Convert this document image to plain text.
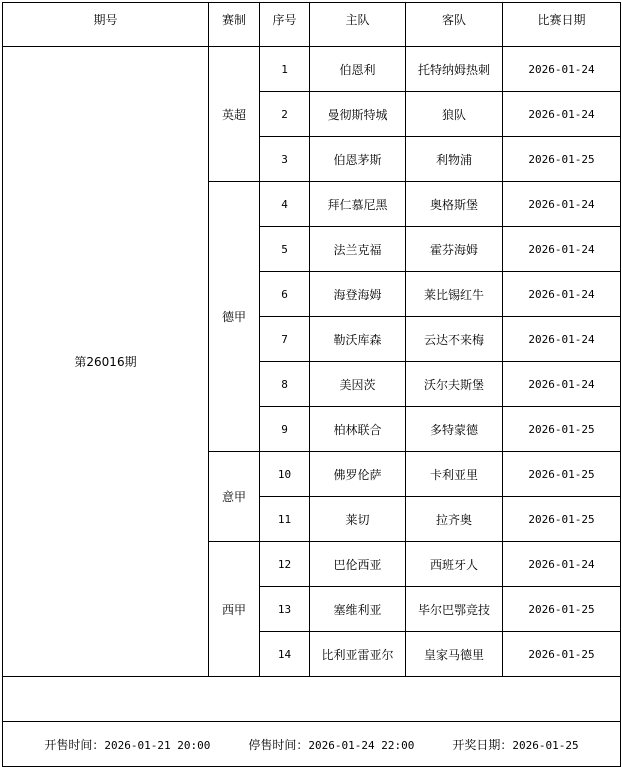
期号	赛制	序号	主队	客队	比赛日期
第26016期	英超	1	伯恩利	托特纳姆热刺	2026-01-24
		2	曼彻斯特城	狼队	2026-01-24
		3	伯恩茅斯	利物浦	2026-01-25
	德甲	4	拜仁慕尼黑	奥格斯堡	2026-01-24
		5	法兰克福	霍芬海姆	2026-01-24
		6	海登海姆	莱比锡红牛	2026-01-24
		7	勒沃库森	云达不来梅	2026-01-24
		8	美因茨	沃尔夫斯堡	2026-01-24
		9	柏林联合	多特蒙德	2026-01-25
	意甲	10	佛罗伦萨	卡利亚里	2026-01-25
		11	莱切	拉齐奥	2026-01-25
	西甲	12	巴伦西亚	西班牙人	2026-01-24
		13	塞维利亚	毕尔巴鄂竞技	2026-01-25
		14	比利亚雷亚尔	皇家马德里	2026-01-25

开售时间：2026-01-21 20:00 停售时间：2026-01-24 22:00 开奖日期：2026-01-25					
